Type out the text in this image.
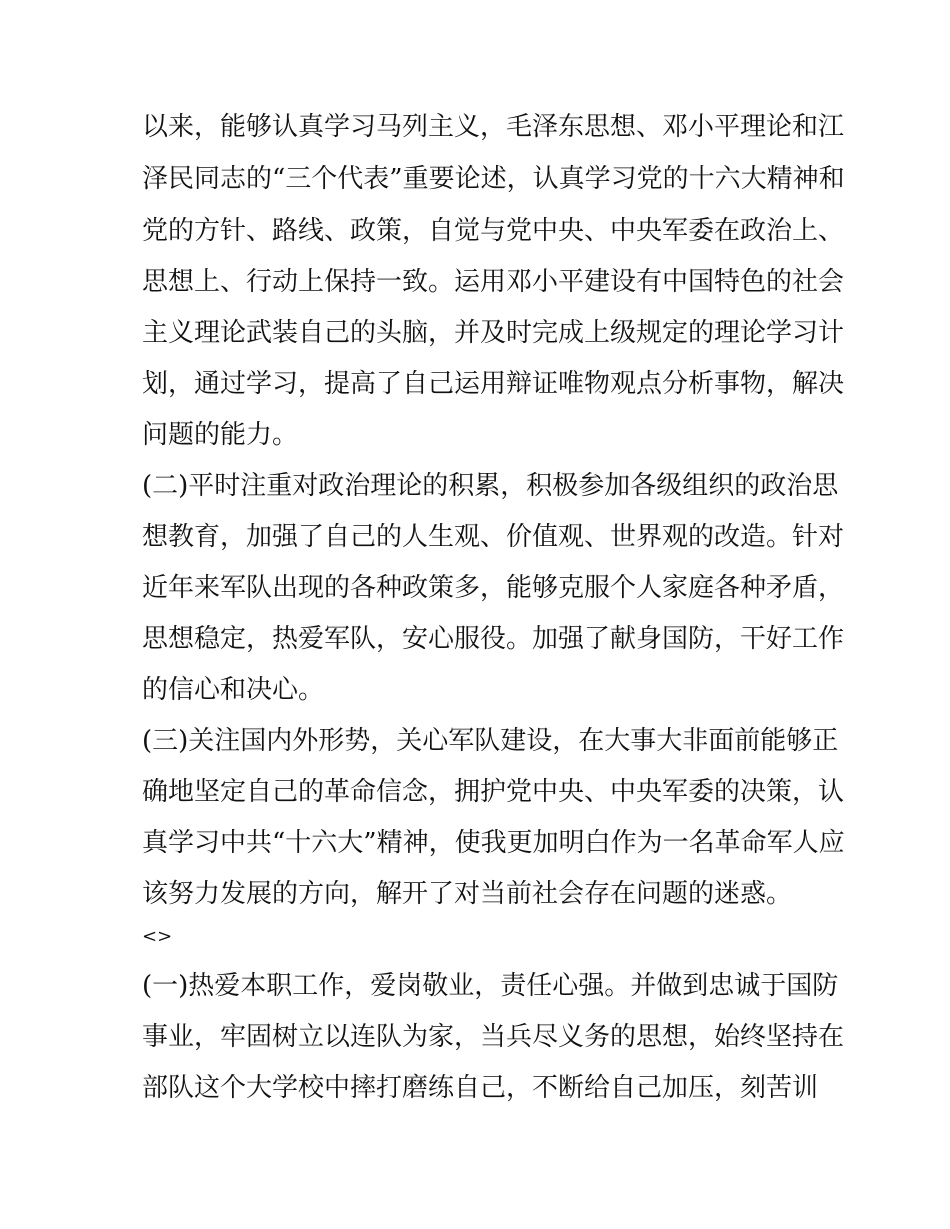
以来，能够认真学习马列主义，毛泽东思想、邓小平理论和江
泽民同志的“三个代表”重要论述，认真学习党的十六大精神和
党的方针、路线、政策，自觉与党中央、中央军委在政治上、
思想上、行动上保持一致。运用邓小平建设有中国特色的社会
主义理论武装自己的头脑，并及时完成上级规定的理论学习计
划，通过学习，提高了自己运用辩证唯物观点分析事物，解决
问题的能力。
(二)平时注重对政治理论的积累，积极参加各级组织的政治思
想教育，加强了自己的人生观、价值观、世界观的改造。针对
近年来军队出现的各种政策多，能够克服个人家庭各种矛盾，
思想稳定，热爱军队，安心服役。加强了献身国防，干好工作
的信心和决心。
(三)关注国内外形势，关心军队建设，在大事大非面前能够正
确地坚定自己的革命信念，拥护党中央、中央军委的决策，认
真学习中共“十六大”精神，使我更加明白作为一名革命军人应
该努力发展的方向，解开了对当前社会存在问题的迷惑。
<>
(一)热爱本职工作，爱岗敬业，责任心强。并做到忠诚于国防
事业，牢固树立以连队为家，当兵尽义务的思想，始终坚持在
部队这个大学校中摔打磨练自己，不断给自己加压，刻苦训
